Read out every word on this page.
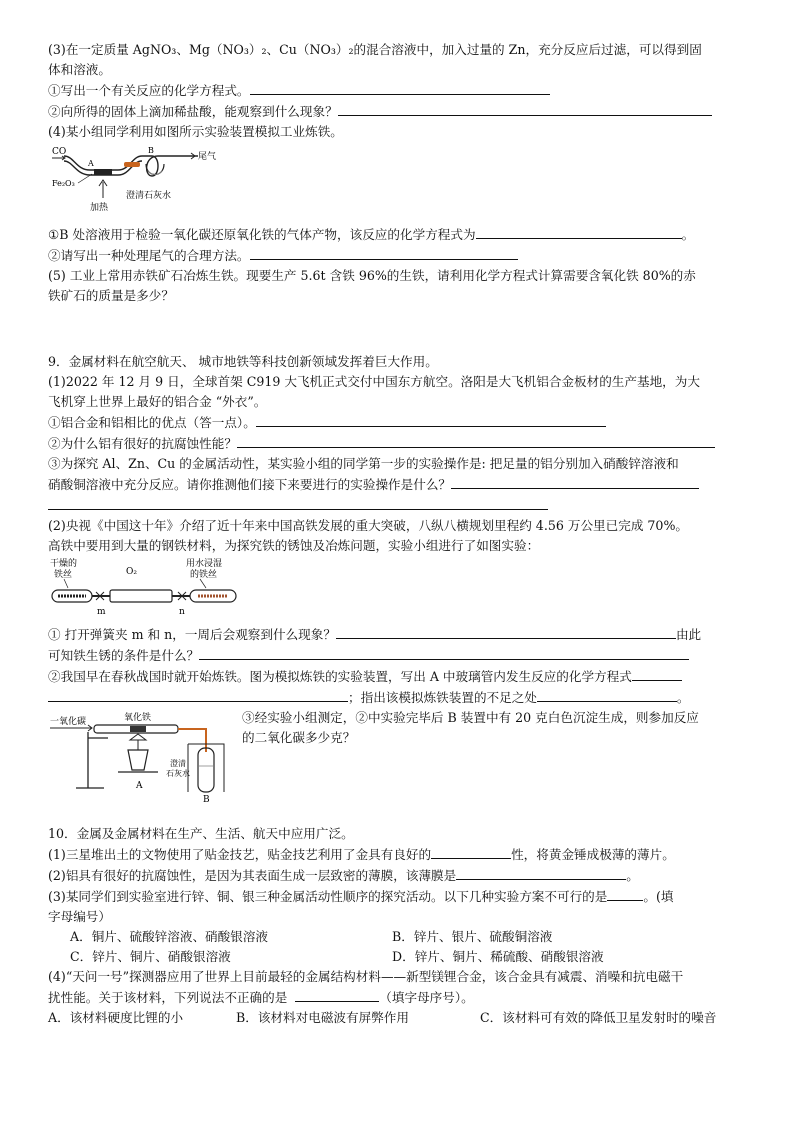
(3)在一定质量 AgNO₃、Mg（NO₃）₂、Cu（NO₃）₂的混合溶液中，加入过量的 Zn，充分反应后过滤，可以得到固
体和溶液。
①写出一个有关反应的化学方程式。
②向所得的固体上滴加稀盐酸，能观察到什么现象？
(4)某小组同学利用如图所示实验装置模拟工业炼铁。
CO
Fe₂O₃
A
B
尾气
加热
澄清石灰水
①B 处溶液用于检验一氧化碳还原氧化铁的气体产物，该反应的化学方程式为	。
②请写出一种处理尾气的合理方法。
(5) 工业上常用赤铁矿石冶炼生铁。现要生产 5.6t 含铁 96%的生铁，请利用化学方程式计算需要含氧化铁 80%的赤
铁矿石的质量是多少？
9．金属材料在航空航天、 城市地铁等科技创新领域发挥着巨大作用。
(1)2022 年 12 月 9 日，全球首架 C919 大飞机正式交付中国东方航空。洛阳是大飞机铝合金板材的生产基地，为大
飞机穿上世界上最好的铝合金 “外衣”。
①铝合金和铝相比的优点（答一点）。
②为什么铝有很好的抗腐蚀性能？
③为探究 Al、Zn、Cu 的金属活动性，某实验小组的同学第一步的实验操作是: 把足量的铝分别加入硝酸锌溶液和
硝酸铜溶液中充分反应。请你推测他们接下来要进行的实验操作是什么？
(2)央视《中国这十年》介绍了近十年来中国高铁发展的重大突破，八纵八横规划里程约 4.56 万公里已完成 70%。
高铁中要用到大量的钢铁材料，为探究铁的锈蚀及冶炼问题，实验小组进行了如图实验：
干燥的
铁丝	O₂
用水浸湿
的铁丝
m	n
① 打开弹簧夹 m 和 n，一周后会观察到什么现象？	由此
可知铁生锈的条件是什么？
②我国早在春秋战国时就开始炼铁。图为模拟炼铁的实验装置，写出 A 中玻璃管内发生反应的化学方程式
；指出该模拟炼铁装置的不足之处	。
一氧化碳	氧化铁
A
澄清
石灰水
B
③经实验小组测定，②中实验完毕后 B 装置中有 20 克白色沉淀生成，则参加反应
的二氧化碳多少克？
10．金属及金属材料在生产、生活、航天中应用广泛。
(1)三星堆出土的文物使用了贴金技艺，贴金技艺利用了金具有良好的	性，将黄金锤成极薄的薄片。
(2)铝具有很好的抗腐蚀性，是因为其表面生成一层致密的薄膜，该薄膜是	。
(3)某同学们到实验室进行锌、铜、银三种金属活动性顺序的探究活动。以下几种实验方案不可行的是	。(填
字母编号）
A．铜片、硫酸锌溶液、硝酸银溶液	B．锌片、银片、硫酸铜溶液
C．锌片、铜片、硝酸银溶液	D．锌片、铜片、稀硫酸、硝酸银溶液
(4)“天问一号”探测器应用了世界上目前最轻的金属结构材料——新型镁锂合金，该合金具有减震、消噪和抗电磁干
扰性能。关于该材料，下列说法不正确的是	（填字母序号）。
A．该材料硬度比锂的小	B．该材料对电磁波有屏弊作用	C．该材料可有效的降低卫星发射时的噪音
